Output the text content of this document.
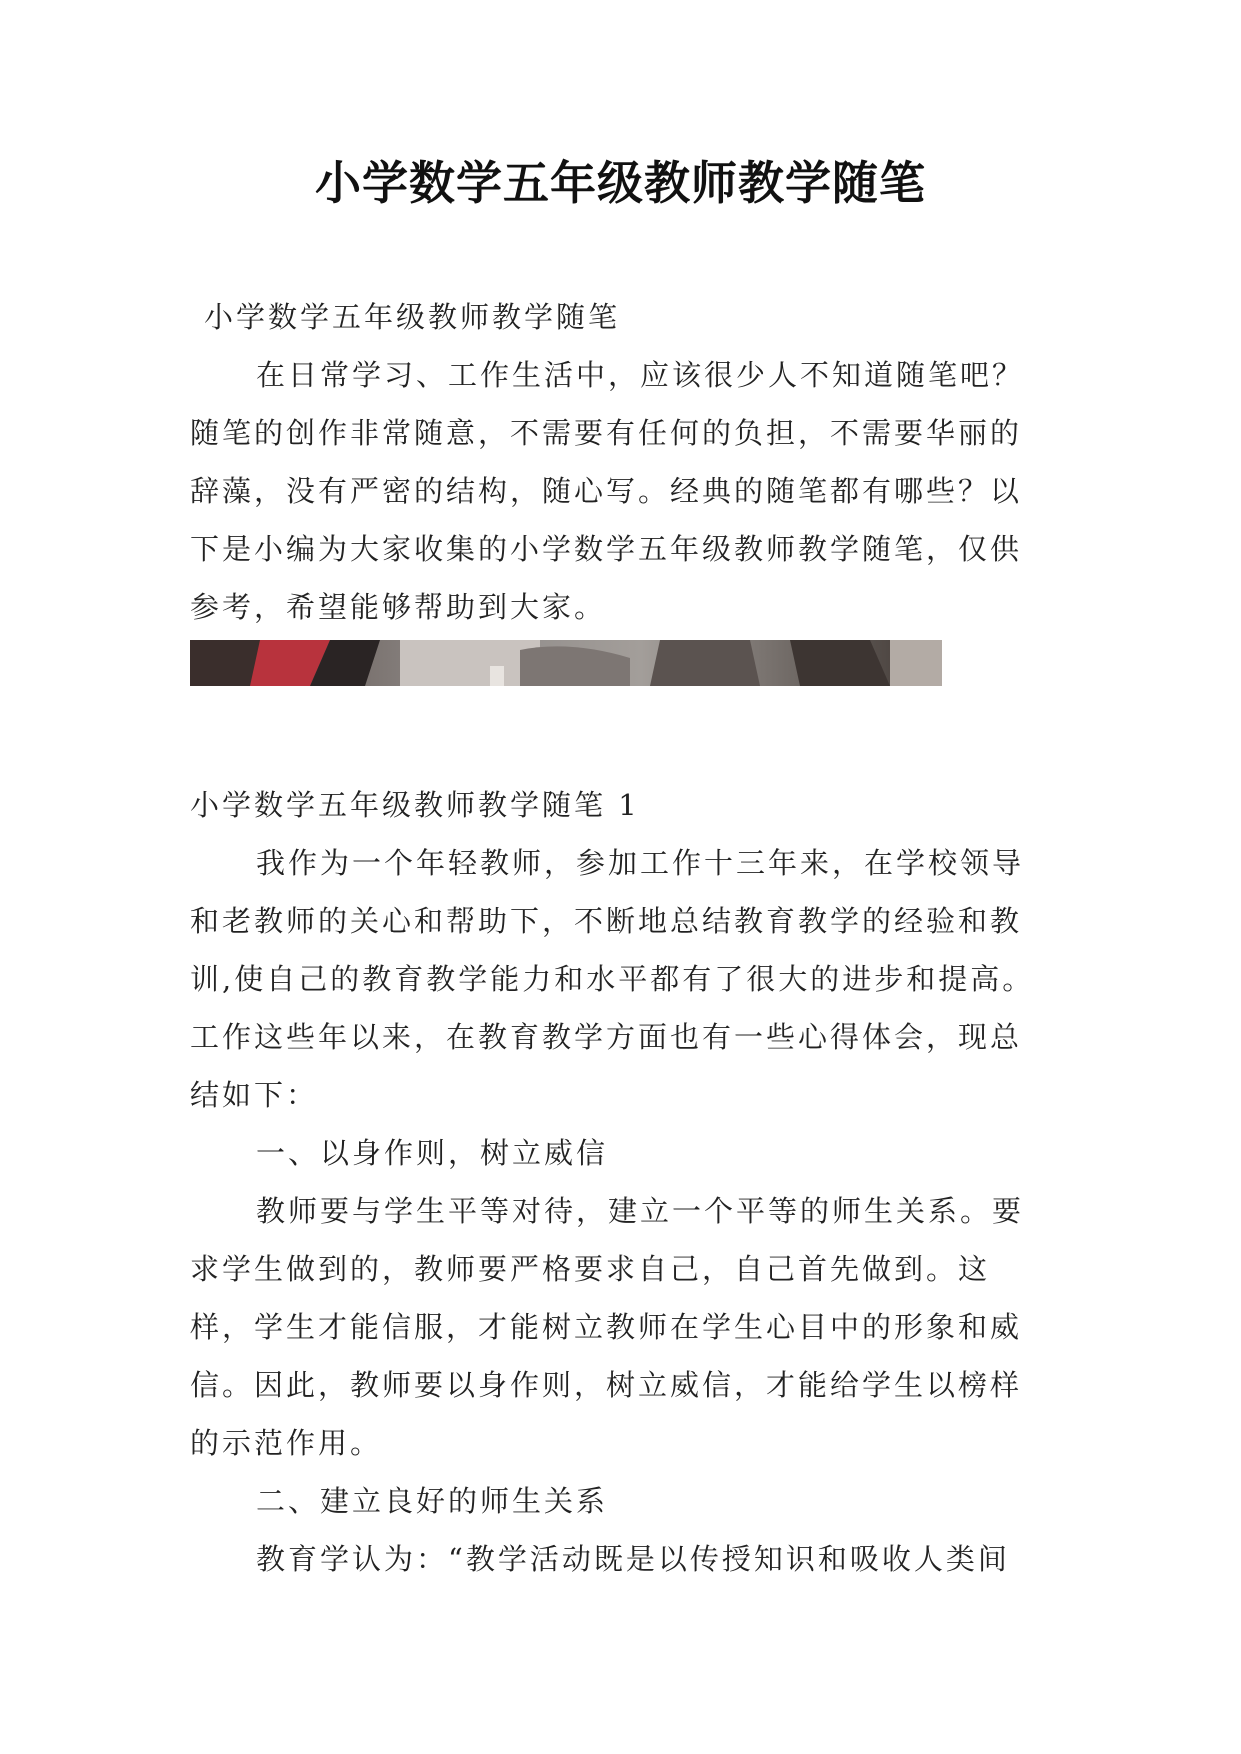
小学数学五年级教师教学随笔

小学数学五年级教师教学随笔

在日常学习、工作生活中，应该很少人不知道随笔吧？随笔的创作非常随意，不需要有任何的负担，不需要华丽的辞藻，没有严密的结构，随心写。经典的随笔都有哪些？以下是小编为大家收集的小学数学五年级教师教学随笔，仅供参考，希望能够帮助到大家。

小学数学五年级教师教学随笔 1

我作为一个年轻教师，参加工作十三年来，在学校领导和老教师的关心和帮助下，不断地总结教育教学的经验和教训,使自己的教育教学能力和水平都有了很大的进步和提高。工作这些年以来，在教育教学方面也有一些心得体会，现总结如下：

一、以身作则，树立威信

教师要与学生平等对待，建立一个平等的师生关系。要求学生做到的，教师要严格要求自己，自己首先做到。这样，学生才能信服，才能树立教师在学生心目中的形象和威信。因此，教师要以身作则，树立威信，才能给学生以榜样的示范作用。

二、建立良好的师生关系

教育学认为：“教学活动既是以传授知识和吸收人类间
